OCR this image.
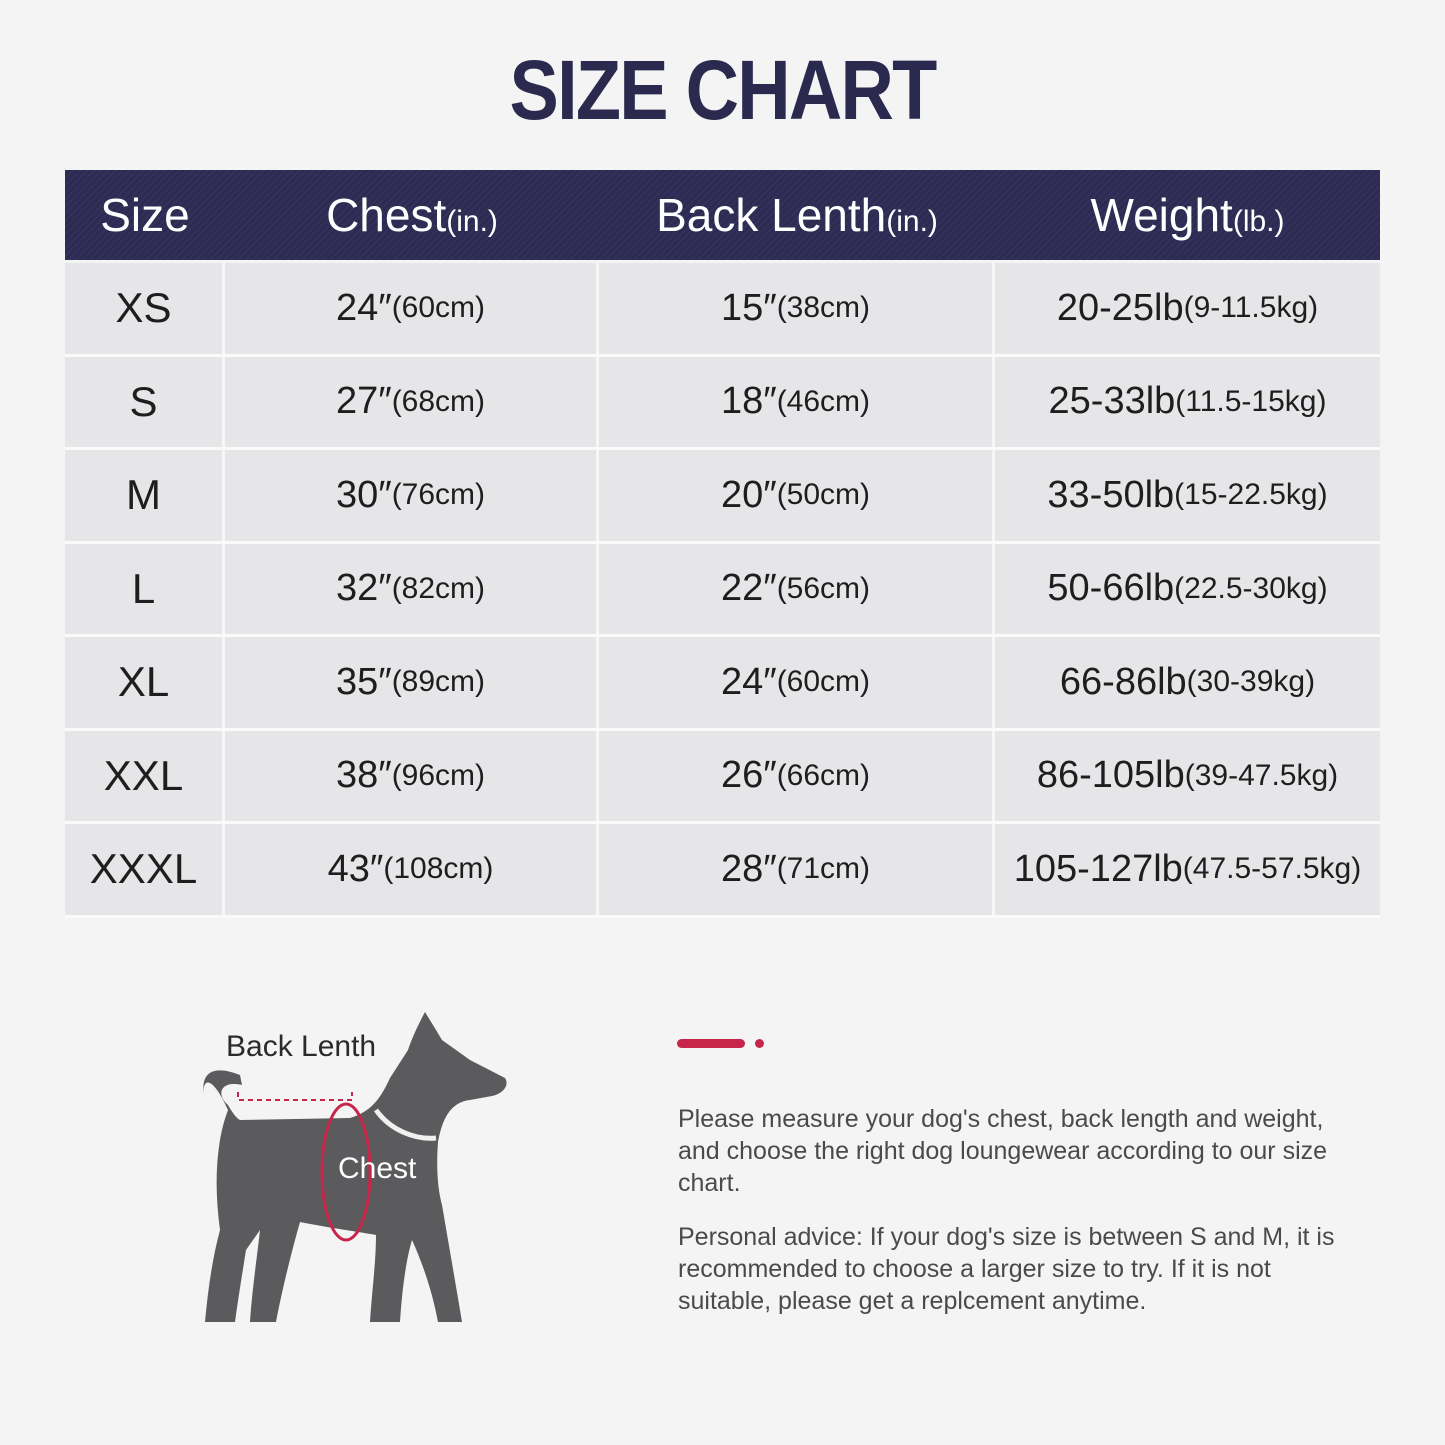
SIZE CHART
Size	Chest(in.)	Back Lenth(in.)	Weight(lb.)
XS	24″ (60cm)	15″ (38cm)	20-25lb (9-11.5kg)
S	27″ (68cm)	18″ (46cm)	25-33lb (11.5-15kg)
M	30″ (76cm)	20″ (50cm)	33-50lb (15-22.5kg)
L	32″ (82cm)	22″ (56cm)	50-66lb (22.5-30kg)
XL	35″ (89cm)	24″ (60cm)	66-86lb (30-39kg)
XXL	38″ (96cm)	26″ (66cm)	86-105lb (39-47.5kg)
XXXL	43″ (108cm)	28″ (71cm)	105-127lb (47.5-57.5kg)
Back Lenth
Chest
Please measure your dog's chest, back length and weight, and choose the right dog loungewear according to our size chart.
Personal advice: If your dog's size is between S and M, it is recommended to choose a larger size to try. If it is not suitable, please get a replcement anytime.
